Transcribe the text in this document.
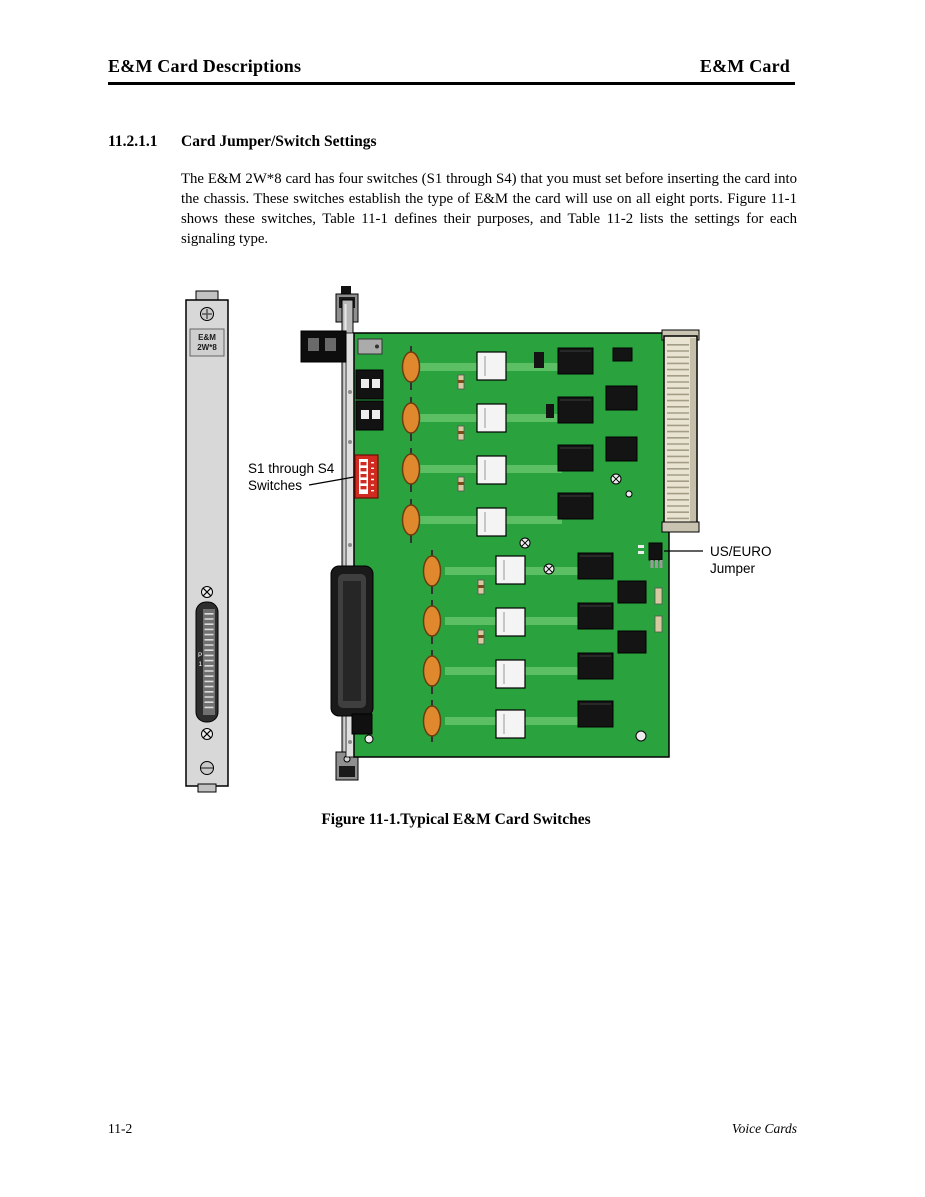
E&M Card Descriptions	E&M Card
11.2.1.1 Card Jumper/Switch Settings
The E&M 2W*8 card has four switches (S1 through S4) that you must set before inserting the card into the chassis. These switches establish the type of E&M the card will use on all eight ports. Figure 11-1 shows these switches, Table 11-1 defines their purposes, and Table 11-2 lists the settings for each signaling type.
E&M
2W*8
P
1
S1 through S4
Switches
US/EURO
Jumper
Figure 11-1.Typical E&M Card Switches
11-2	Voice Cards
